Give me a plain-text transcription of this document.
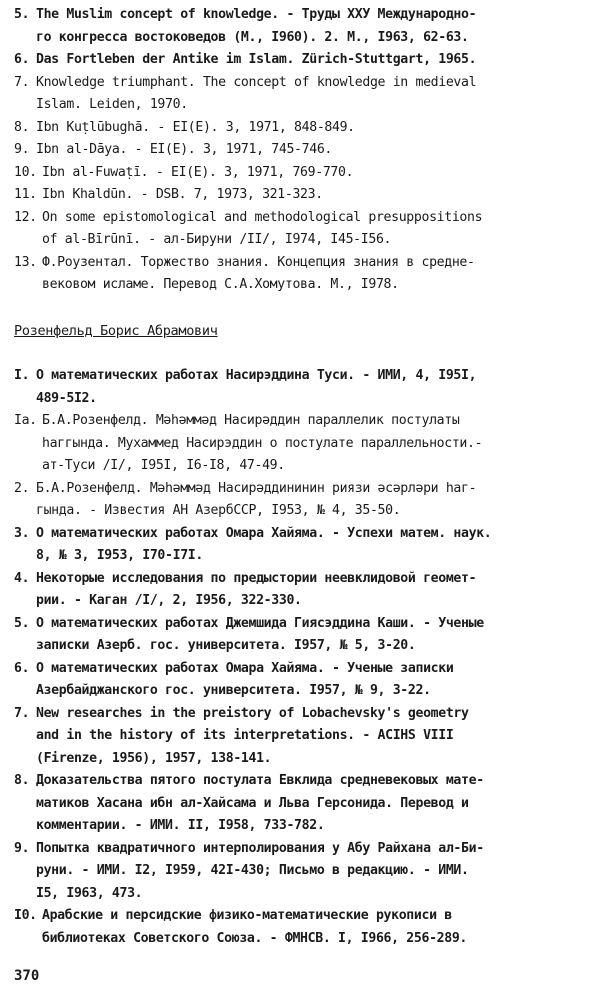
5. The Muslim concept of knowledge. - Труды XXУ Международно-
го конгресса востоковедов (М., I960). 2. М., I963, 62-63.
6. Das Fortleben der Antike im Islam. Zürich-Stuttgart, 1965.
7. Knowledge triumphant. The concept of knowledge in medieval
Islam. Leiden, 1970.
8. Ibn Kuṭlūbughā. - EI(E). 3, 1971, 848-849.
9. Ibn al-Dāya. - EI(E). 3, 1971, 745-746.
10. Ibn al-Fuwaṭī. - EI(E). 3, 1971, 769-770.
11. Ibn Khaldūn. - DSB. 7, 1973, 321-323.
12. On some epistomological and methodological presuppositions
of al-Bīrūnī. - ал-Бируни /II/, I974, I45-I56.
13. Ф.Роузентал. Торжество знания. Концепция знания в средне-
вековом исламе. Перевод С.А.Хомутова. М., I978.
Розенфельд Борис Абрамович
I. О математических работах Насирэддина Туси. - ИМИ, 4, I95I,
489-5I2.
Iа. Б.А.Розенфелд. Мәhәммәд Насирәддин параллелик постулаты
hаггында. Мухаммед Насирэддин о постулате параллельности.-
ат-Туси /I/, I95I, I6-I8, 47-49.
2. Б.А.Розенфелд. Мәhәммәд Насирәддининин риязи әсәрләри hаг-
гында. - Известия АН АзербССР, I953, № 4, 35-50.
3. О математических работах Омара Хайяма. - Успехи матем. наук.
8, № 3, I953, I70-I7I.
4. Некоторые исследования по предыстории неевклидовой геомет-
рии. - Каган /I/, 2, I956, 322-330.
5. О математических работах Джемшида Гиясэддина Каши. - Ученые
записки Азерб. гос. университета. I957, № 5, 3-20.
6. О математических работах Омара Хайяма. - Ученые записки
Азербайджанского гос. университета. I957, № 9, 3-22.
7. New researches in the preistory of Lobachevsky's geometry
and in the history of its interpretations. - ACIHS VIII
(Firenze, 1956), 1957, 138-141.
8. Доказательства пятого постулата Евклида средневековых мате-
матиков Хасана ибн ал-Хайсама и Льва Герсонида. Перевод и
комментарии. - ИМИ. II, I958, 733-782.
9. Попытка квадратичного интерполирования у Абу Райхана ал-Би-
руни. - ИМИ. I2, I959, 42I-430; Письмо в редакцию. - ИМИ.
I5, I963, 473.
I0. Арабские и персидские физико-математические рукописи в
библиотеках Советского Союза. - ФМНСВ. I, I966, 256-289.
370
